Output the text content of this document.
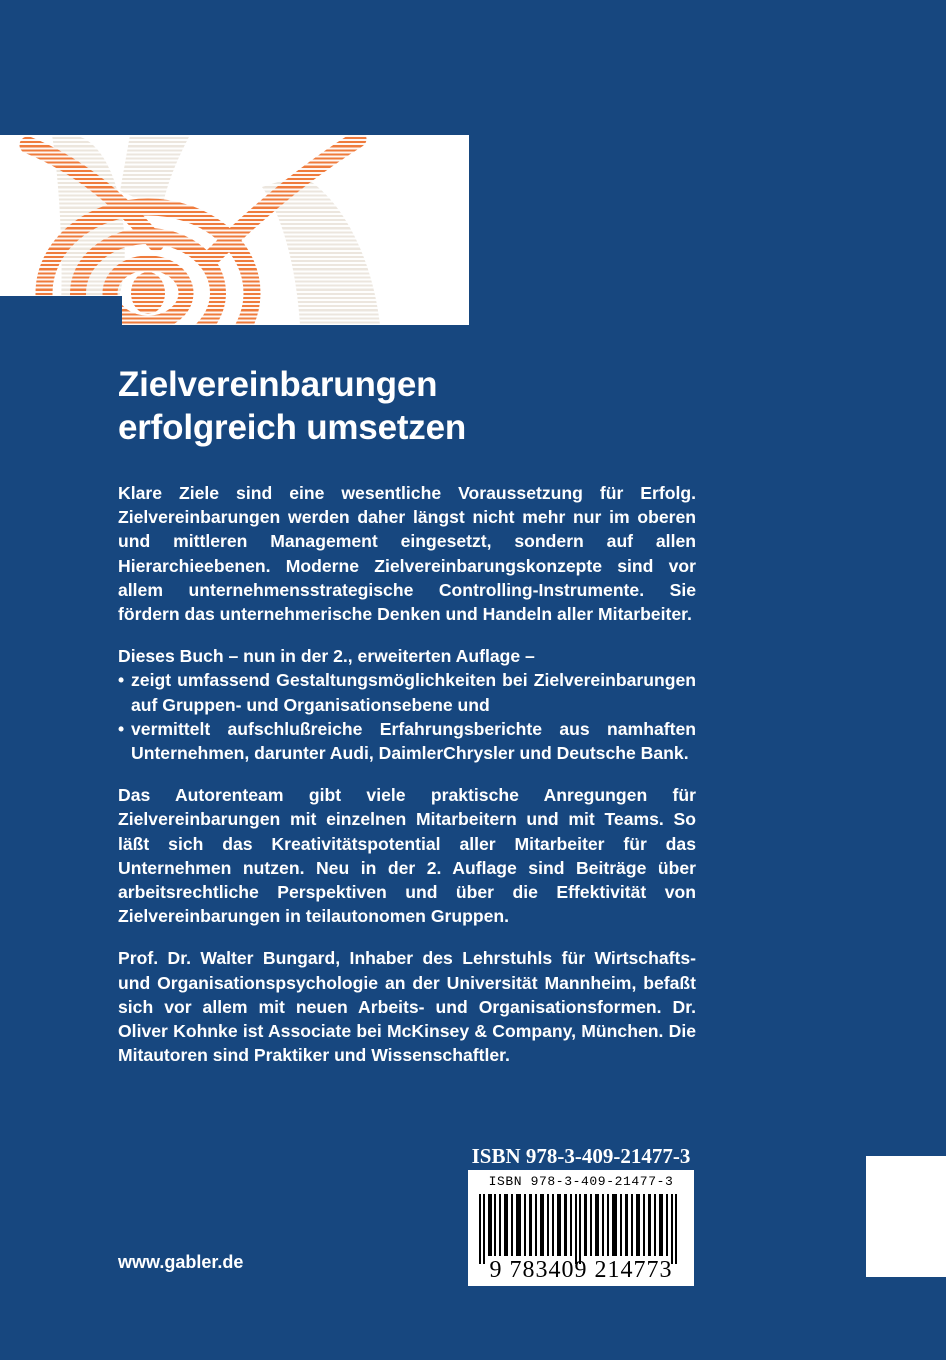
Zielvereinbarungen
erfolgreich umsetzen

Klare Ziele sind eine wesentliche Voraussetzung für Erfolg. Zielvereinbarungen werden daher längst nicht mehr nur im oberen und mittleren Management eingesetzt, sondern auf allen Hierarchieebenen. Moderne Zielvereinbarungskonzepte sind vor allem unternehmensstrategische Controlling-Instrumente. Sie fördern das unternehmerische Denken und Handeln aller Mitarbeiter.

Dieses Buch – nun in der 2., erweiterten Auflage –

• zeigt umfassend Gestaltungsmöglichkeiten bei Zielvereinbarungen auf Gruppen- und Organisationsebene und
• vermittelt aufschlußreiche Erfahrungsberichte aus namhaften Unternehmen, darunter Audi, DaimlerChrysler und Deutsche Bank.

Das Autorenteam gibt viele praktische Anregungen für Zielvereinbarungen mit einzelnen Mitarbeitern und mit Teams. So läßt sich das Kreativitätspotential aller Mitarbeiter für das Unternehmen nutzen. Neu in der 2. Auflage sind Beiträge über arbeitsrechtliche Perspektiven und über die Effektivität von Zielvereinbarungen in teilautonomen Gruppen.

Prof. Dr. Walter Bungard, Inhaber des Lehrstuhls für Wirtschafts- und Organisationspsychologie an der Universität Mannheim, befaßt sich vor allem mit neuen Arbeits- und Organisationsformen. Dr. Oliver Kohnke ist Associate bei McKinsey & Company, München. Die Mitautoren sind Praktiker und Wissenschaftler.

ISBN 978-3-409-21477-3
ISBN 978-3-409-21477-3
9 783409 214773
www.gabler.de
